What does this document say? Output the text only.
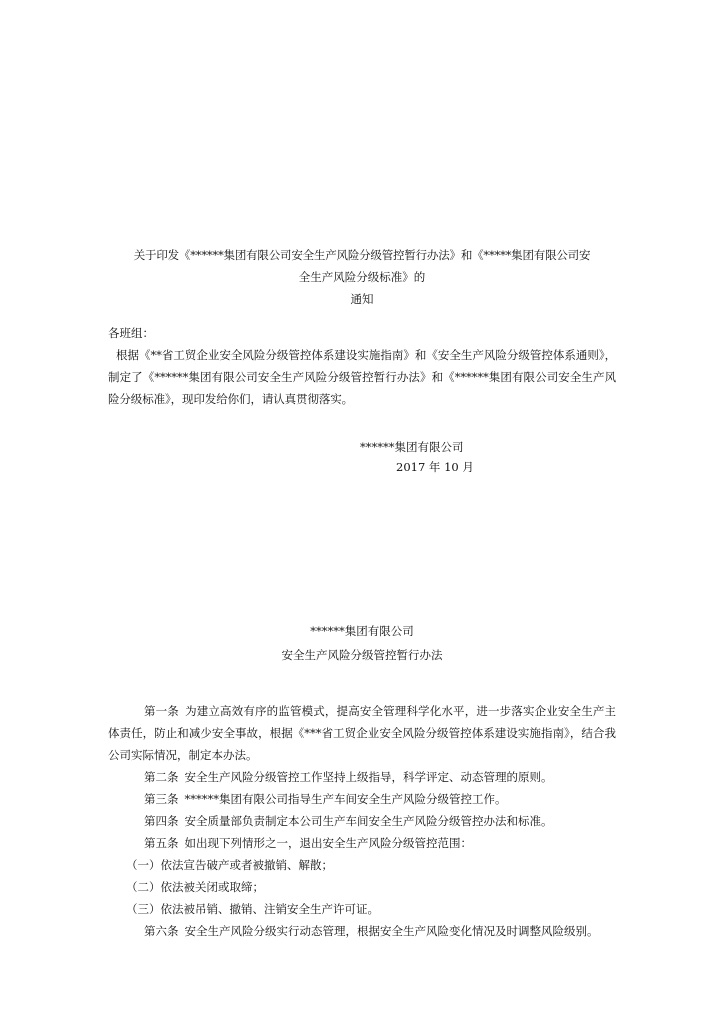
关于印发《******集团有限公司安全生产风险分级管控暂行办法》和《*****集团有限公司安
全生产风险分级标准》的
通知
各班组：
根据《**省工贸企业安全风险分级管控体系建设实施指南》和《安全生产风险分级管控体系通则》，制定了《******集团有限公司安全生产风险分级管控暂行办法》和《******集团有限公司安全生产风险分级标准》，现印发给你们，请认真贯彻落实。
******集团有限公司
2017 年 10 月
******集团有限公司
安全生产风险分级管控暂行办法

第一条 为建立高效有序的监管模式，提高安全管理科学化水平，进一步落实企业安全生产主体责任，防止和减少安全事故，根据《***省工贸企业安全风险分级管控体系建设实施指南》，结合我公司实际情况，制定本办法。

第二条 安全生产风险分级管控工作坚持上级指导，科学评定、动态管理的原则。

第三条 ******集团有限公司指导生产车间安全生产风险分级管控工作。

第四条 安全质量部负责制定本公司生产车间安全生产风险分级管控办法和标准。

第五条 如出现下列情形之一，退出安全生产风险分级管控范围：

（一）依法宣告破产或者被撤销、解散；

（二）依法被关闭或取缔；

（三）依法被吊销、撤销、注销安全生产许可证。

第六条 安全生产风险分级实行动态管理，根据安全生产风险变化情况及时调整风险级别。
